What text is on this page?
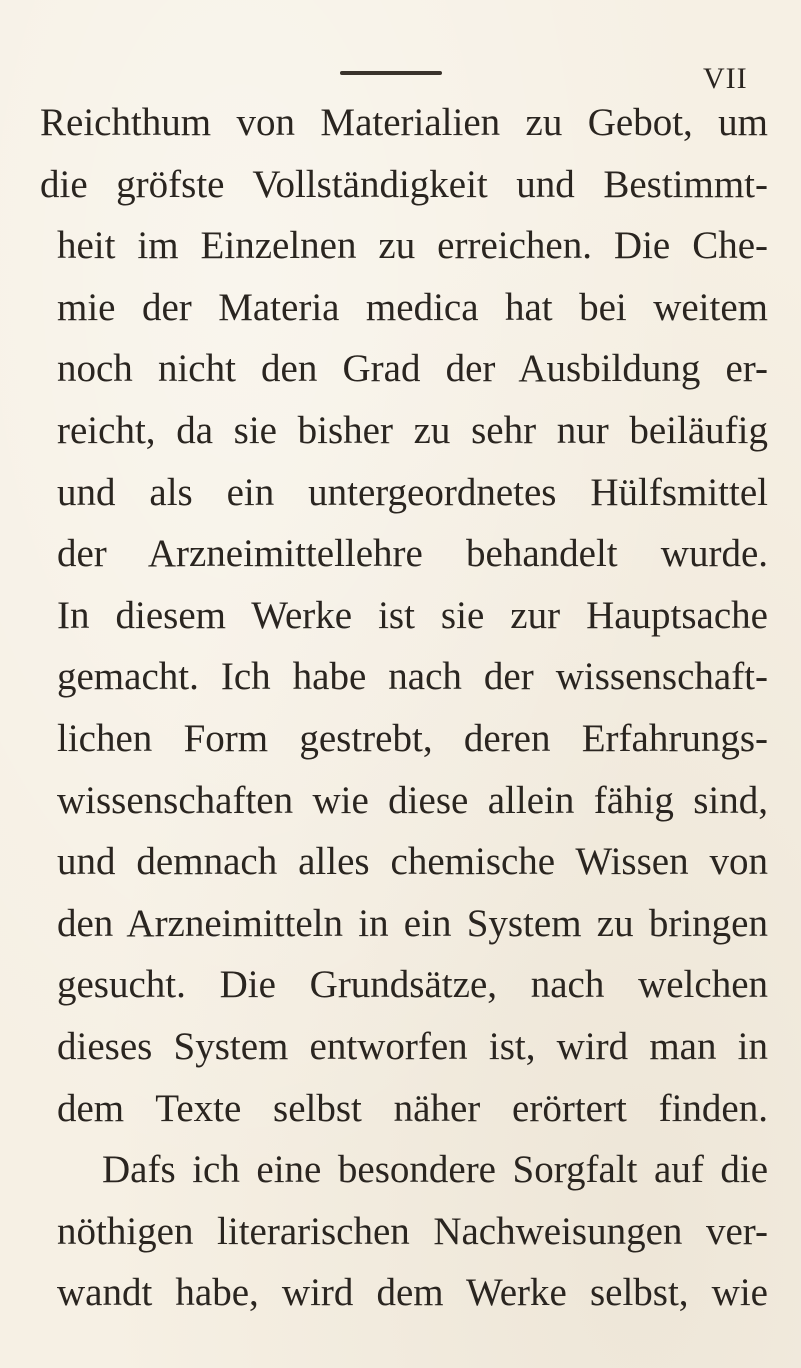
VII
Reichthum von Materialien zu Gebot, um
die gröfste Vollständigkeit und Bestimmt-
heit im Einzelnen zu erreichen. Die Che-
mie der Materia medica hat bei weitem
noch nicht den Grad der Ausbildung er-
reicht, da sie bisher zu sehr nur beiläufig
und als ein untergeordnetes Hülfsmittel
der Arzneimittellehre behandelt wurde.
In diesem Werke ist sie zur Hauptsache
gemacht. Ich habe nach der wissenschaft-
lichen Form gestrebt, deren Erfahrungs-
wissenschaften wie diese allein fähig sind,
und demnach alles chemische Wissen von
den Arzneimitteln in ein System zu bringen
gesucht. Die Grundsätze, nach welchen
dieses System entworfen ist, wird man in
dem Texte selbst näher erörtert finden.
Dafs ich eine besondere Sorgfalt auf die
nöthigen literarischen Nachweisungen ver-
wandt habe, wird dem Werke selbst, wie
